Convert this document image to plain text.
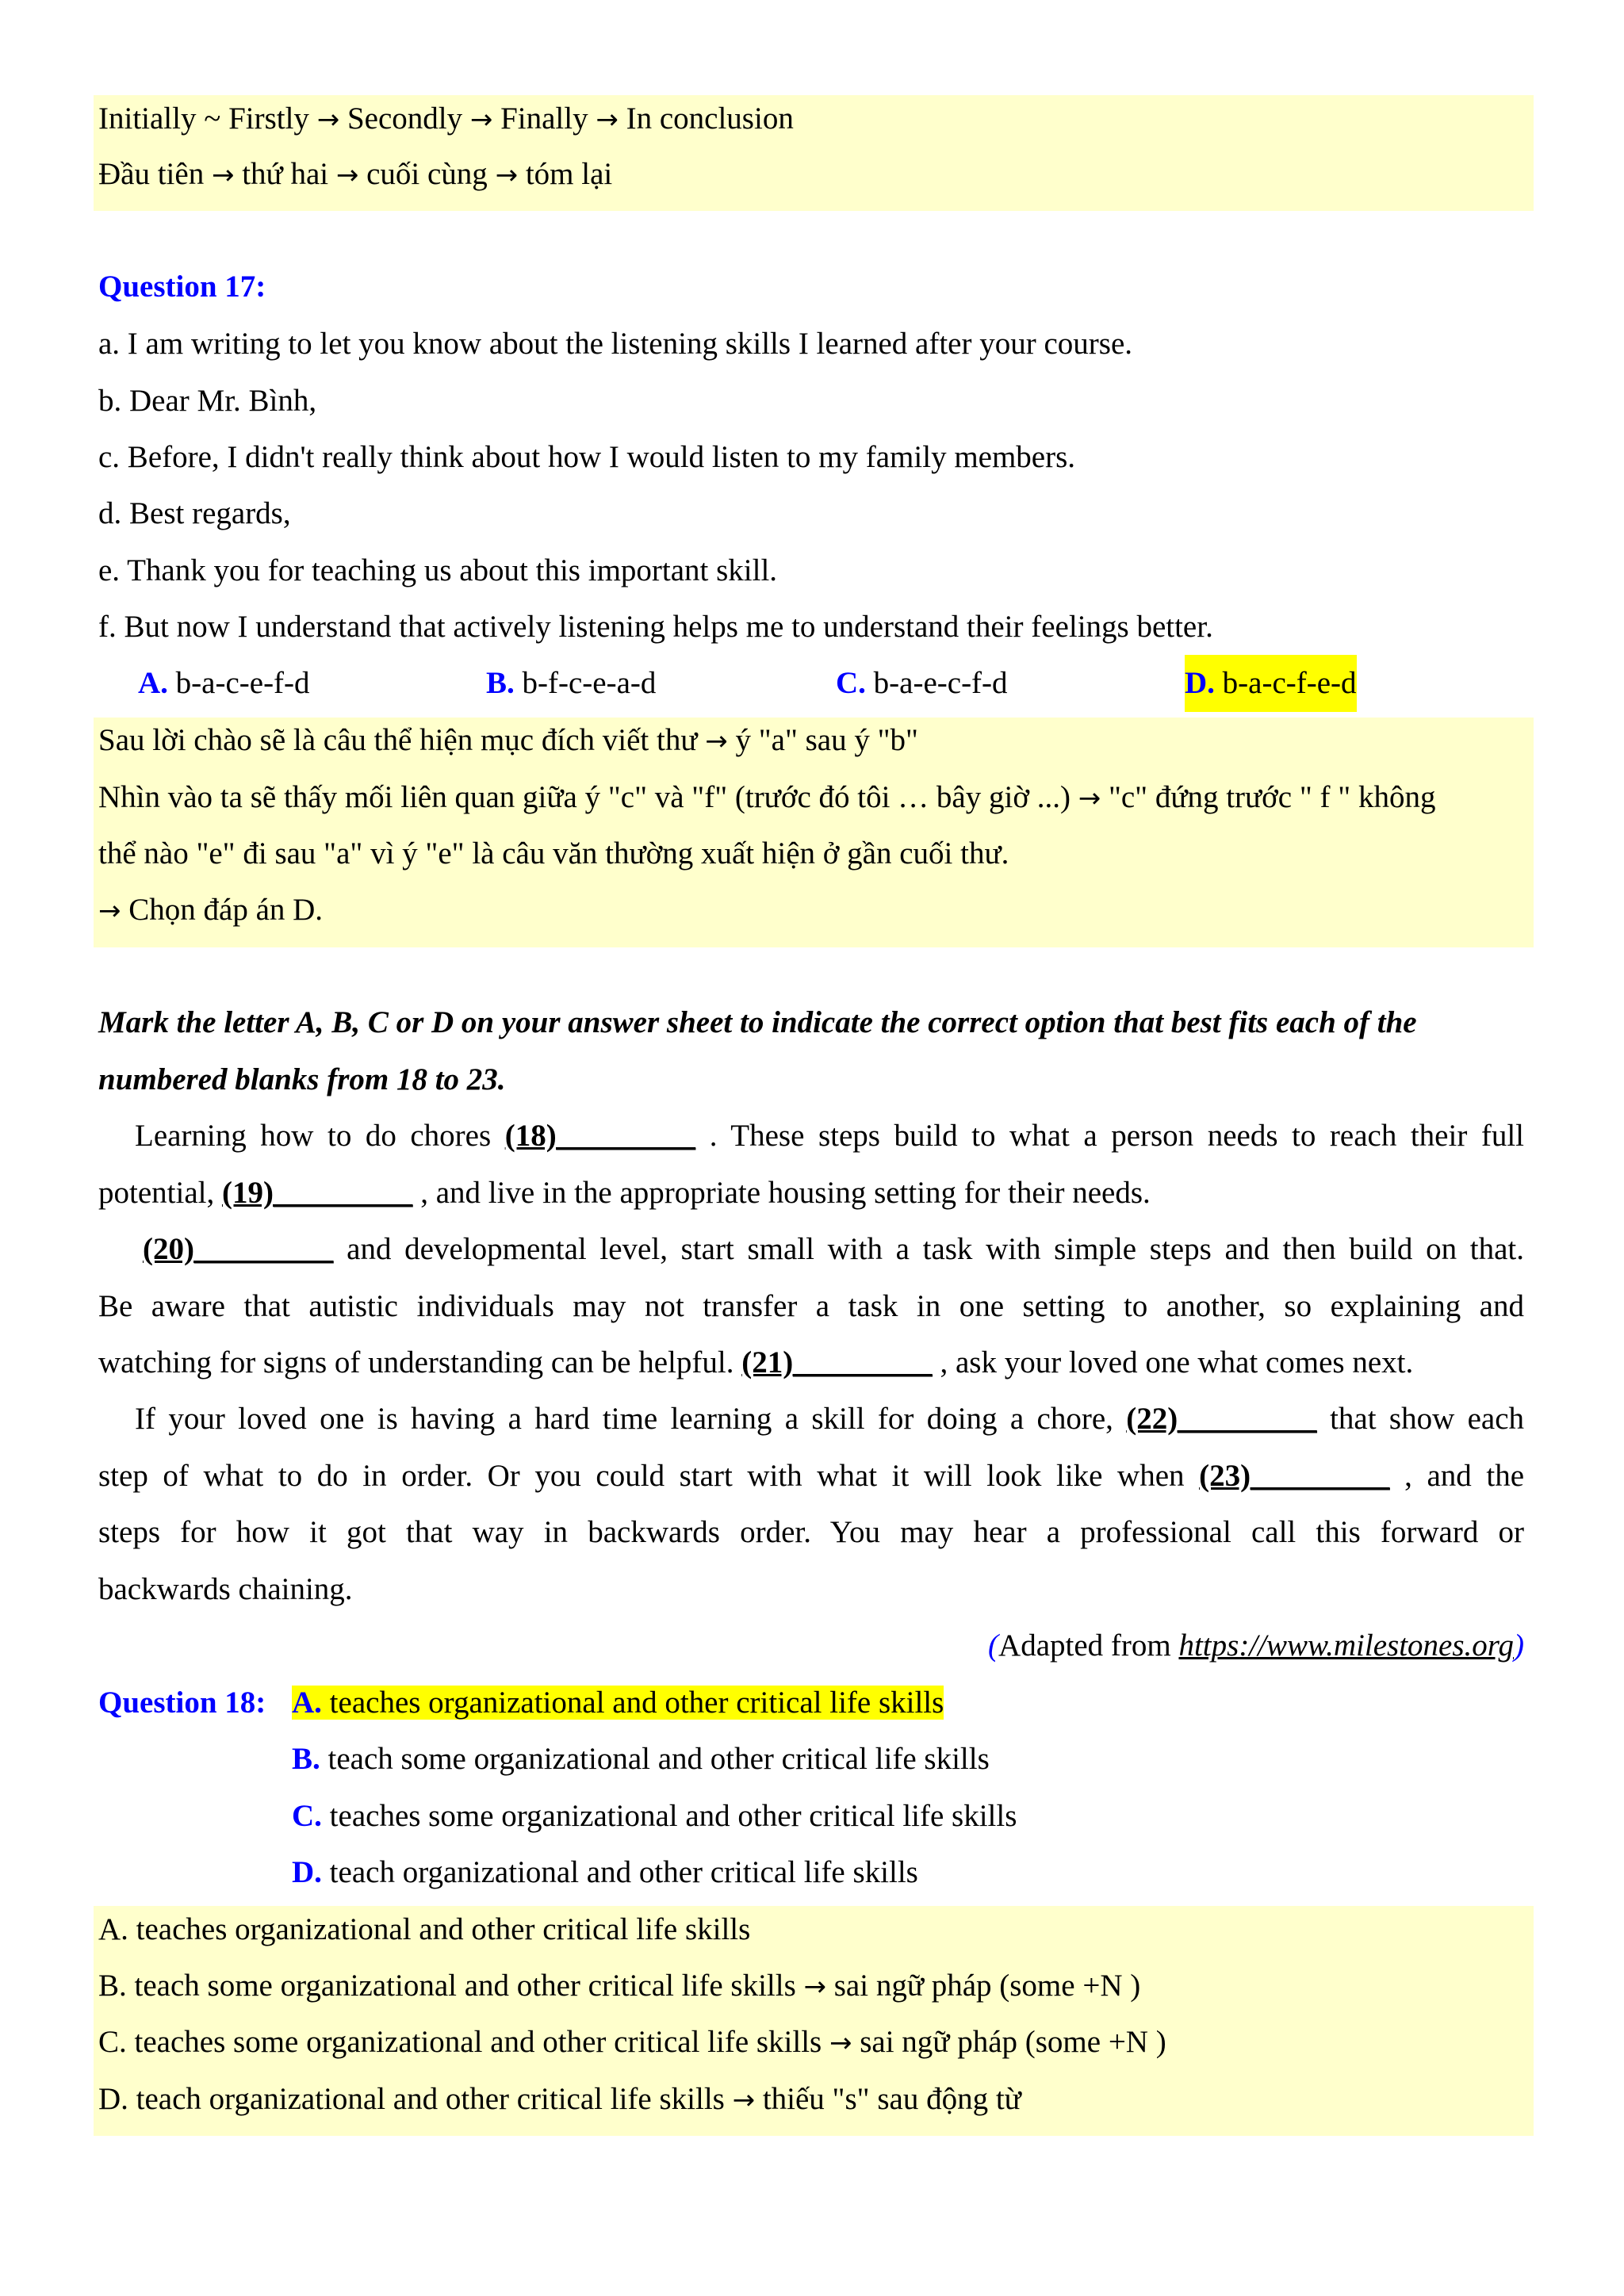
Initially ~ Firstly → Secondly → Finally → In conclusion
Đầu tiên → thứ hai → cuối cùng → tóm lại
Question 17:
a. I am writing to let you know about the listening skills I learned after your course.
b. Dear Mr. Bình,
c. Before, I didn't really think about how I would listen to my family members.
d. Best regards,
e. Thank you for teaching us about this important skill.
f. But now I understand that actively listening helps me to understand their feelings better.
A. b-a-c-e-f-d	B. b-f-c-e-a-d	C. b-a-e-c-f-d	D. b-a-c-f-e-d
Sau lời chào sẽ là câu thể hiện mục đích viết thư → ý "a" sau ý "b"
Nhìn vào ta sẽ thấy mối liên quan giữa ý "c" và "f" (trước đó tôi … bây giờ ...) → "c" đứng trước " f " không
thể nào "e" đi sau "a" vì ý "e" là câu văn thường xuất hiện ở gần cuối thư.
→ Chọn đáp án D.
Mark the letter A, B, C or D on your answer sheet to indicate the correct option that best fits each of the
numbered blanks from 18 to 23.
Learning how to do chores (18)_________ . These steps build to what a person needs to reach their full
potential, (19)_________ , and live in the appropriate housing setting for their needs.
(20)_________ and developmental level, start small with a task with simple steps and then build on that.
Be aware that autistic individuals may not transfer a task in one setting to another, so explaining and
watching for signs of understanding can be helpful. (21)_________ , ask your loved one what comes next.
If your loved one is having a hard time learning a skill for doing a chore, (22)_________ that show each
step of what to do in order. Or you could start with what it will look like when (23)_________ , and the
steps for how it got that way in backwards order. You may hear a professional call this forward or
backwards chaining.
(Adapted from https://www.milestones.org)
Question 18: A. teaches organizational and other critical life skills
B. teach some organizational and other critical life skills
C. teaches some organizational and other critical life skills
D. teach organizational and other critical life skills
A. teaches organizational and other critical life skills
B. teach some organizational and other critical life skills → sai ngữ pháp (some +N )
C. teaches some organizational and other critical life skills → sai ngữ pháp (some +N )
D. teach organizational and other critical life skills → thiếu "s" sau động từ
